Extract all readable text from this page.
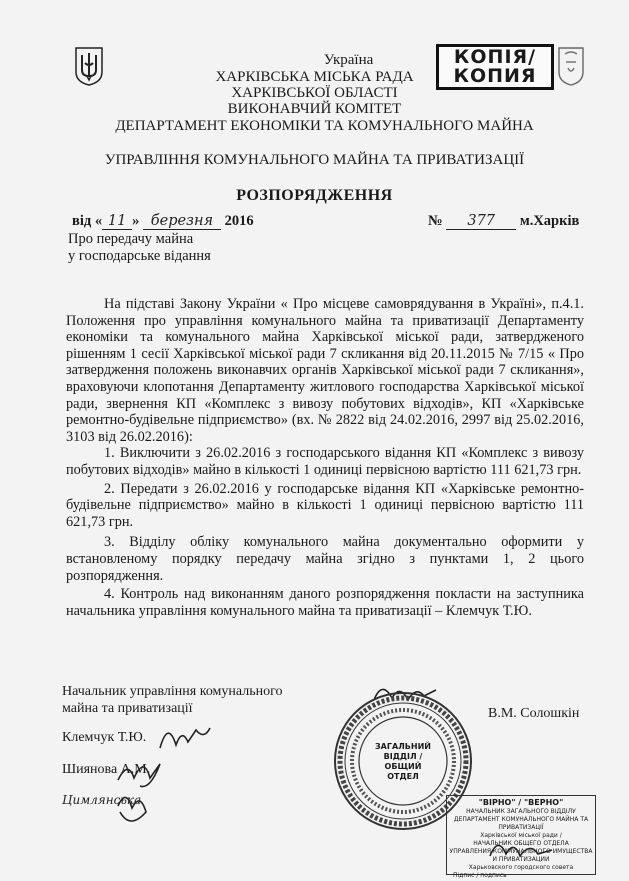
Україна
ХАРКІВСЬКА МІСЬКА РАДА
ХАРКІВСЬКОЇ ОБЛАСТІ
ВИКОНАВЧИЙ КОМІТЕТ
ДЕПАРТАМЕНТ ЕКОНОМІКИ ТА КОМУНАЛЬНОГО МАЙНА
УПРАВЛІННЯ КОМУНАЛЬНОГО МАЙНА ТА ПРИВАТИЗАЦІЇ
КОПІЯ/
КОПИЯ
РОЗПОРЯДЖЕННЯ
від « 11 » березня 2016	№ 377 м.Харків
Про передачу майна
у господарське відання

На підставі Закону України « Про місцеве самоврядування в Україні», п.4.1. Положення про управління комунального майна та приватизації Департаменту економіки та комунального майна Харківської міської ради, затвердженого рішенням 1 сесії Харківської міської ради 7 скликання від 20.11.2015 № 7/15 « Про затвердження положень виконавчих органів Харківської міської ради 7 скликання», враховуючи клопотання Департаменту житлового господарства Харківської міської ради, звернення КП «Комплекс з вивозу побутових відходів», КП «Харківське ремонтно-будівельне підприємство» (вх. № 2822 від 24.02.2016, 2997 від 25.02.2016, 3103 від 26.02.2016):

1. Виключити з 26.02.2016 з господарського відання КП «Комплекс з вивозу побутових відходів» майно в кількості 1 одиниці первісною вартістю 111 621,73 грн.

2. Передати з 26.02.2016 у господарське відання КП «Харківське ремонтно-будівельне підприємство» майно в кількості 1 одиниці первісною вартістю 111 621,73 грн.

3. Відділу обліку комунального майна документально оформити у встановленому порядку передачу майна згідно з пунктами 1, 2 цього розпорядження.

4. Контроль над виконанням даного розпорядження покласти на заступника начальника управління комунального майна та приватизації – Клемчук Т.Ю.

Начальник управління комунального
майна та приватизації	В.М. Солошкін
Клемчук Т.Ю.
Шиянова А.М.
Цимлянська
ЗАГАЛЬНИЙ
ВІДДІЛ /
ОБЩИЙ ОТДЕЛ
"ВІРНО" / "ВЕРНО"
НАЧАЛЬНИК ЗАГАЛЬНОГО ВІДДІЛУ
ДЕПАРТАМЕНТ КОМУНАЛЬНОГО МАЙНА ТА ПРИВАТИЗАЦІЇ
Харківської міської ради /
НАЧАЛЬНИК ОБЩЕГО ОТДЕЛА
УПРАВЛЕНИЯ КОММУНАЛЬНОГО ИМУЩЕСТВА И ПРИВАТИЗАЦИИ
Харьковского городского совета
Підпис / подпись
